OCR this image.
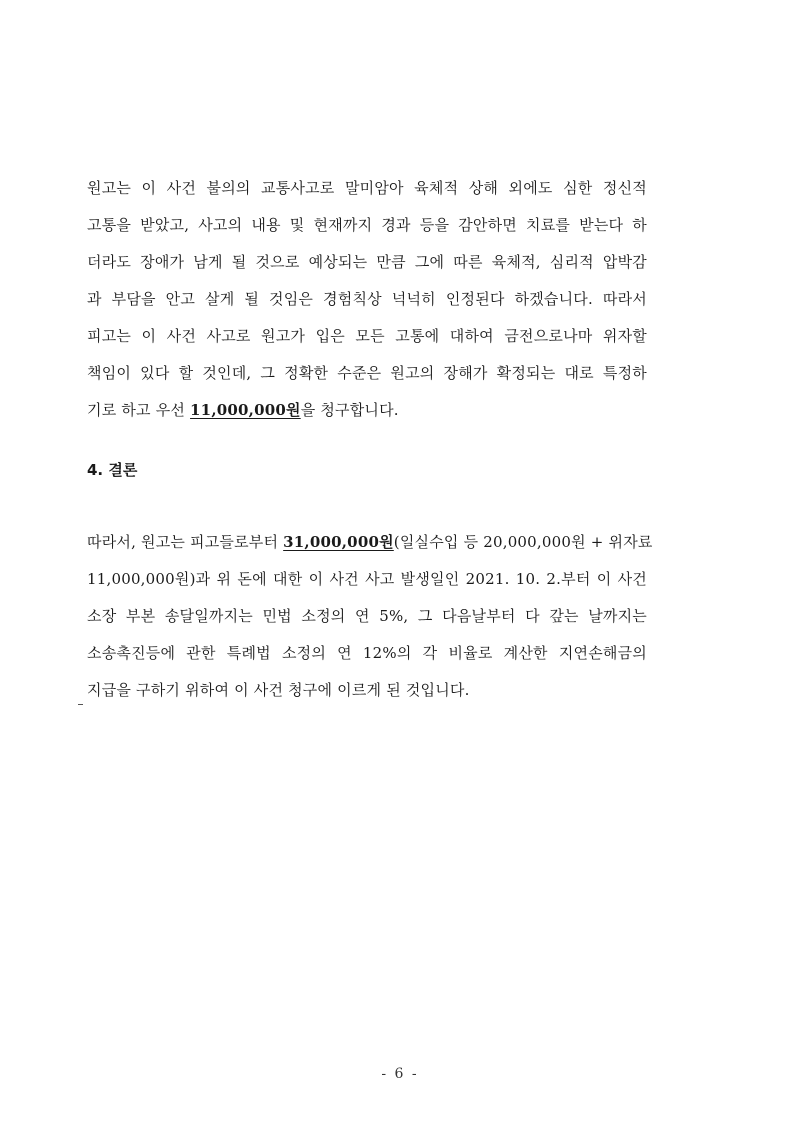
원고는 이 사건 불의의 교통사고로 말미암아 육체적 상해 외에도 심한 정신적
고통을 받았고, 사고의 내용 및 현재까지 경과 등을 감안하면 치료를 받는다 하
더라도 장애가 남게 될 것으로 예상되는 만큼 그에 따른 육체적, 심리적 압박감
과 부담을 안고 살게 될 것임은 경험칙상 넉넉히 인정된다 하겠습니다. 따라서
피고는 이 사건 사고로 원고가 입은 모든 고통에 대하여 금전으로나마 위자할
책임이 있다 할 것인데, 그 정확한 수준은 원고의 장해가 확정되는 대로 특정하
기로 하고 우선 11,000,000원을 청구합니다.
4. 결론
따라서, 원고는 피고들로부터 31,000,000원(일실수입 등 20,000,000원 + 위자료
11,000,000원)과 위 돈에 대한 이 사건 사고 발생일인 2021. 10. 2.부터 이 사건
소장 부본 송달일까지는 민법 소정의 연 5%, 그 다음날부터 다 갚는 날까지는
소송촉진등에 관한 특례법 소정의 연 12%의 각 비율로 계산한 지연손해금의
지급을 구하기 위하여 이 사건 청구에 이르게 된 것입니다.
- 6 -
